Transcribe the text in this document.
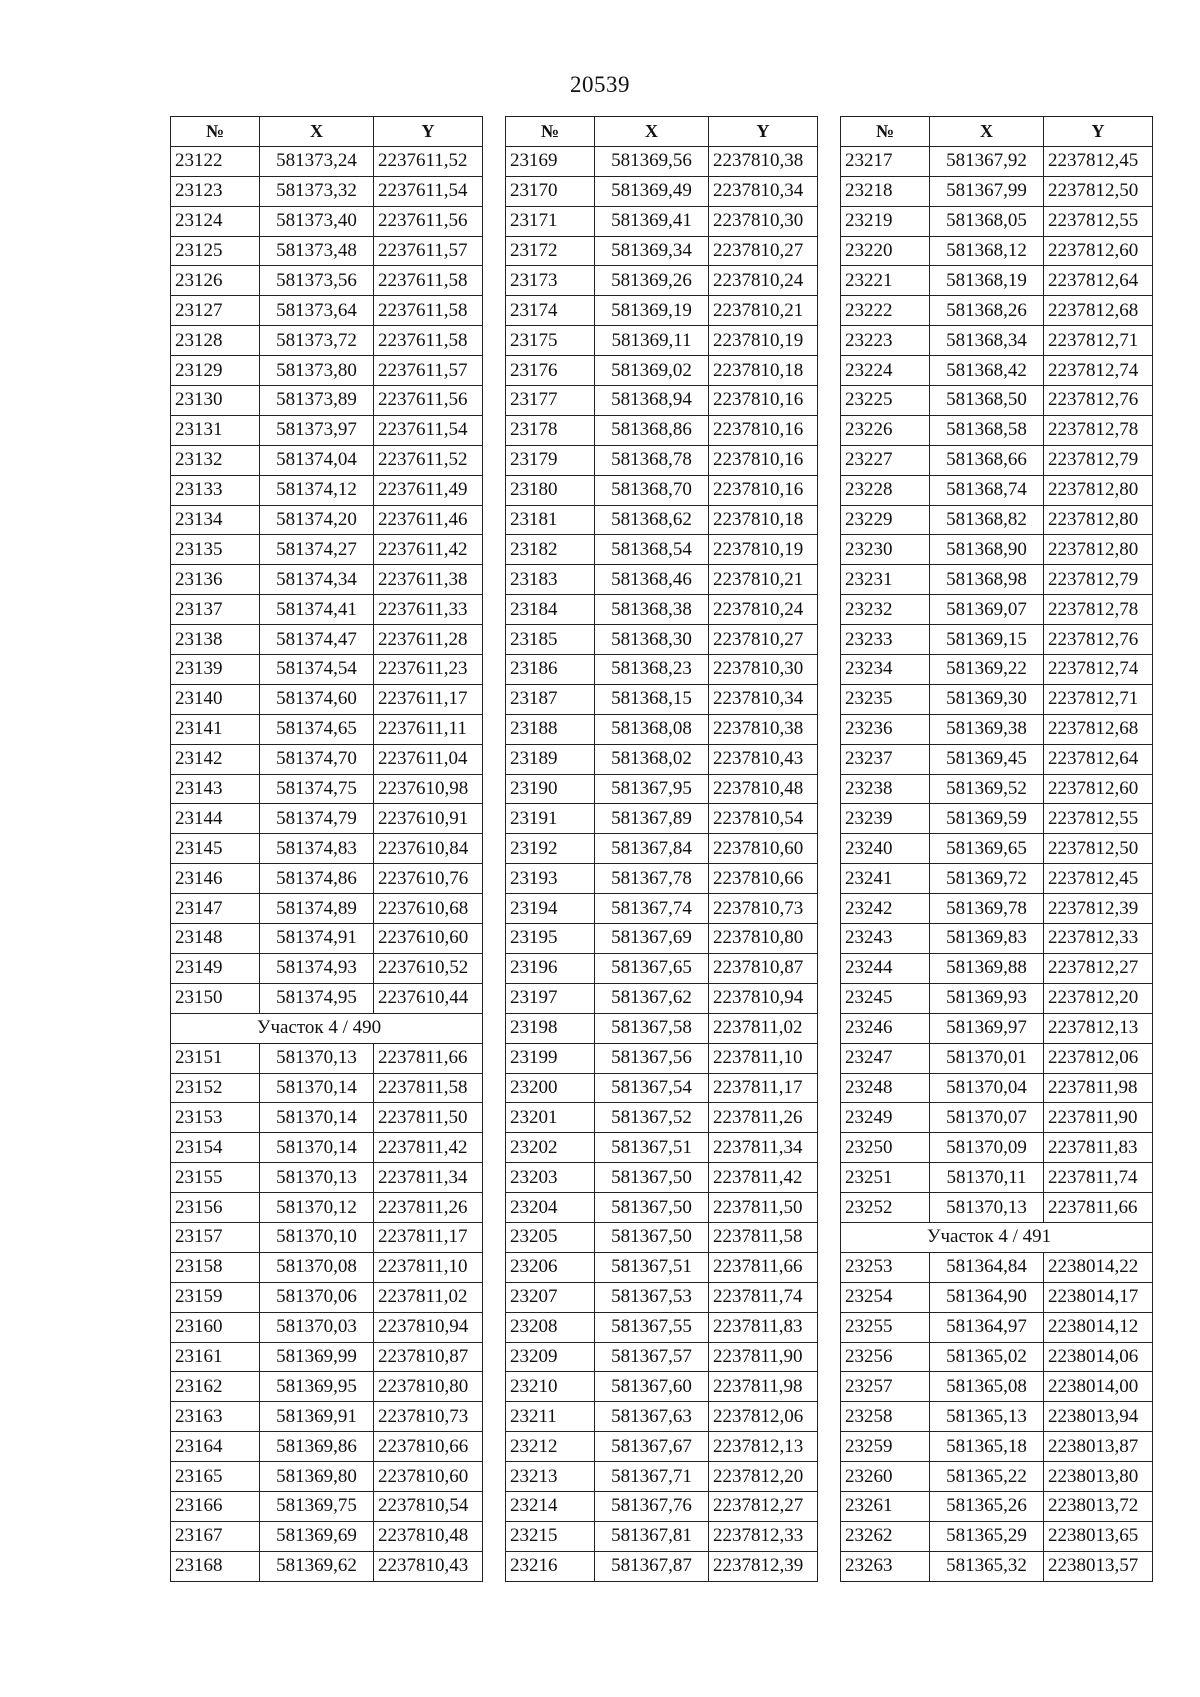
20539
№	X	Y
23122	581373,24	2237611,52
23123	581373,32	2237611,54
23124	581373,40	2237611,56
23125	581373,48	2237611,57
23126	581373,56	2237611,58
23127	581373,64	2237611,58
23128	581373,72	2237611,58
23129	581373,80	2237611,57
23130	581373,89	2237611,56
23131	581373,97	2237611,54
23132	581374,04	2237611,52
23133	581374,12	2237611,49
23134	581374,20	2237611,46
23135	581374,27	2237611,42
23136	581374,34	2237611,38
23137	581374,41	2237611,33
23138	581374,47	2237611,28
23139	581374,54	2237611,23
23140	581374,60	2237611,17
23141	581374,65	2237611,11
23142	581374,70	2237611,04
23143	581374,75	2237610,98
23144	581374,79	2237610,91
23145	581374,83	2237610,84
23146	581374,86	2237610,76
23147	581374,89	2237610,68
23148	581374,91	2237610,60
23149	581374,93	2237610,52
23150	581374,95	2237610,44
Участок 4 / 490		
23151	581370,13	2237811,66
23152	581370,14	2237811,58
23153	581370,14	2237811,50
23154	581370,14	2237811,42
23155	581370,13	2237811,34
23156	581370,12	2237811,26
23157	581370,10	2237811,17
23158	581370,08	2237811,10
23159	581370,06	2237811,02
23160	581370,03	2237810,94
23161	581369,99	2237810,87
23162	581369,95	2237810,80
23163	581369,91	2237810,73
23164	581369,86	2237810,66
23165	581369,80	2237810,60
23166	581369,75	2237810,54
23167	581369,69	2237810,48
23168	581369,62	2237810,43
№	X	Y
23169	581369,56	2237810,38
23170	581369,49	2237810,34
23171	581369,41	2237810,30
23172	581369,34	2237810,27
23173	581369,26	2237810,24
23174	581369,19	2237810,21
23175	581369,11	2237810,19
23176	581369,02	2237810,18
23177	581368,94	2237810,16
23178	581368,86	2237810,16
23179	581368,78	2237810,16
23180	581368,70	2237810,16
23181	581368,62	2237810,18
23182	581368,54	2237810,19
23183	581368,46	2237810,21
23184	581368,38	2237810,24
23185	581368,30	2237810,27
23186	581368,23	2237810,30
23187	581368,15	2237810,34
23188	581368,08	2237810,38
23189	581368,02	2237810,43
23190	581367,95	2237810,48
23191	581367,89	2237810,54
23192	581367,84	2237810,60
23193	581367,78	2237810,66
23194	581367,74	2237810,73
23195	581367,69	2237810,80
23196	581367,65	2237810,87
23197	581367,62	2237810,94
23198	581367,58	2237811,02
23199	581367,56	2237811,10
23200	581367,54	2237811,17
23201	581367,52	2237811,26
23202	581367,51	2237811,34
23203	581367,50	2237811,42
23204	581367,50	2237811,50
23205	581367,50	2237811,58
23206	581367,51	2237811,66
23207	581367,53	2237811,74
23208	581367,55	2237811,83
23209	581367,57	2237811,90
23210	581367,60	2237811,98
23211	581367,63	2237812,06
23212	581367,67	2237812,13
23213	581367,71	2237812,20
23214	581367,76	2237812,27
23215	581367,81	2237812,33
23216	581367,87	2237812,39
№	X	Y
23217	581367,92	2237812,45
23218	581367,99	2237812,50
23219	581368,05	2237812,55
23220	581368,12	2237812,60
23221	581368,19	2237812,64
23222	581368,26	2237812,68
23223	581368,34	2237812,71
23224	581368,42	2237812,74
23225	581368,50	2237812,76
23226	581368,58	2237812,78
23227	581368,66	2237812,79
23228	581368,74	2237812,80
23229	581368,82	2237812,80
23230	581368,90	2237812,80
23231	581368,98	2237812,79
23232	581369,07	2237812,78
23233	581369,15	2237812,76
23234	581369,22	2237812,74
23235	581369,30	2237812,71
23236	581369,38	2237812,68
23237	581369,45	2237812,64
23238	581369,52	2237812,60
23239	581369,59	2237812,55
23240	581369,65	2237812,50
23241	581369,72	2237812,45
23242	581369,78	2237812,39
23243	581369,83	2237812,33
23244	581369,88	2237812,27
23245	581369,93	2237812,20
23246	581369,97	2237812,13
23247	581370,01	2237812,06
23248	581370,04	2237811,98
23249	581370,07	2237811,90
23250	581370,09	2237811,83
23251	581370,11	2237811,74
23252	581370,13	2237811,66
Участок 4 / 491		
23253	581364,84	2238014,22
23254	581364,90	2238014,17
23255	581364,97	2238014,12
23256	581365,02	2238014,06
23257	581365,08	2238014,00
23258	581365,13	2238013,94
23259	581365,18	2238013,87
23260	581365,22	2238013,80
23261	581365,26	2238013,72
23262	581365,29	2238013,65
23263	581365,32	2238013,57
